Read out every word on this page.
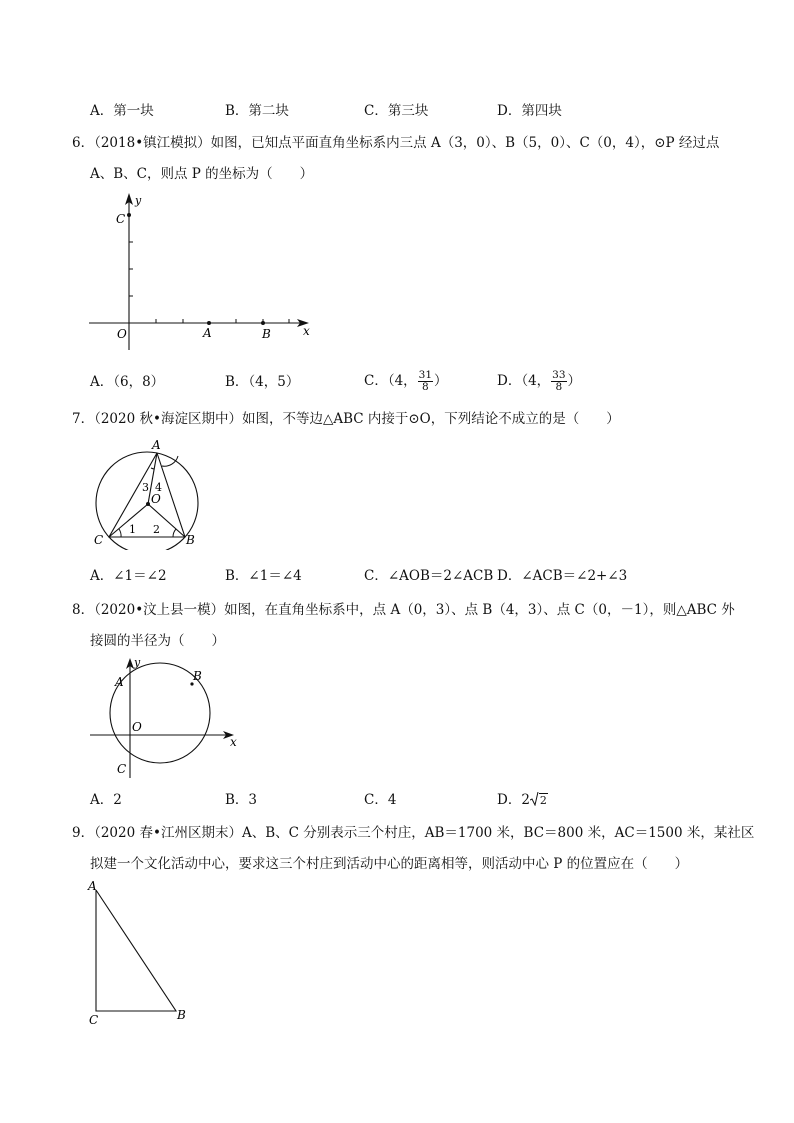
A．第一块	B．第二块	C．第三块	D．第四块
6．（2018•镇江模拟）如图，已知点平面直角坐标系内三点 A（3，0）、B（5，0）、C（0，4），⊙P 经过点
A、B、C，则点 P 的坐标为（　　）
C
y
O	A	B	x
A．（6，8）	B．（4，5）	C．（4， $\frac{31}{8}$ ）	D．（4， $\frac{33}{8}$ ）
7．（2020 秋•海淀区期中）如图，不等边△ABC 内接于⊙O，下列结论不成立的是（　　）
A
C	B
O
1 2
3 4
A．∠1＝∠2	B．∠1＝∠4	C．∠AOB＝2∠ACB D．∠ACB＝∠2+∠3
8．（2020•汶上县一模）如图，在直角坐标系中，点 A（0，3）、点 B（4，3）、点 C（0，－1），则△ABC 外
接圆的半径为（　　）
y
A	B
O
C
x
A．2	B．3	C．4	D．2 2
9．（2020 春•江州区期末）A、B、C 分别表示三个村庄，AB＝1700 米，BC＝800 米，AC＝1500 米，某社区
拟建一个文化活动中心，要求这三个村庄到活动中心的距离相等，则活动中心 P 的位置应在（　　）
A
C	B
